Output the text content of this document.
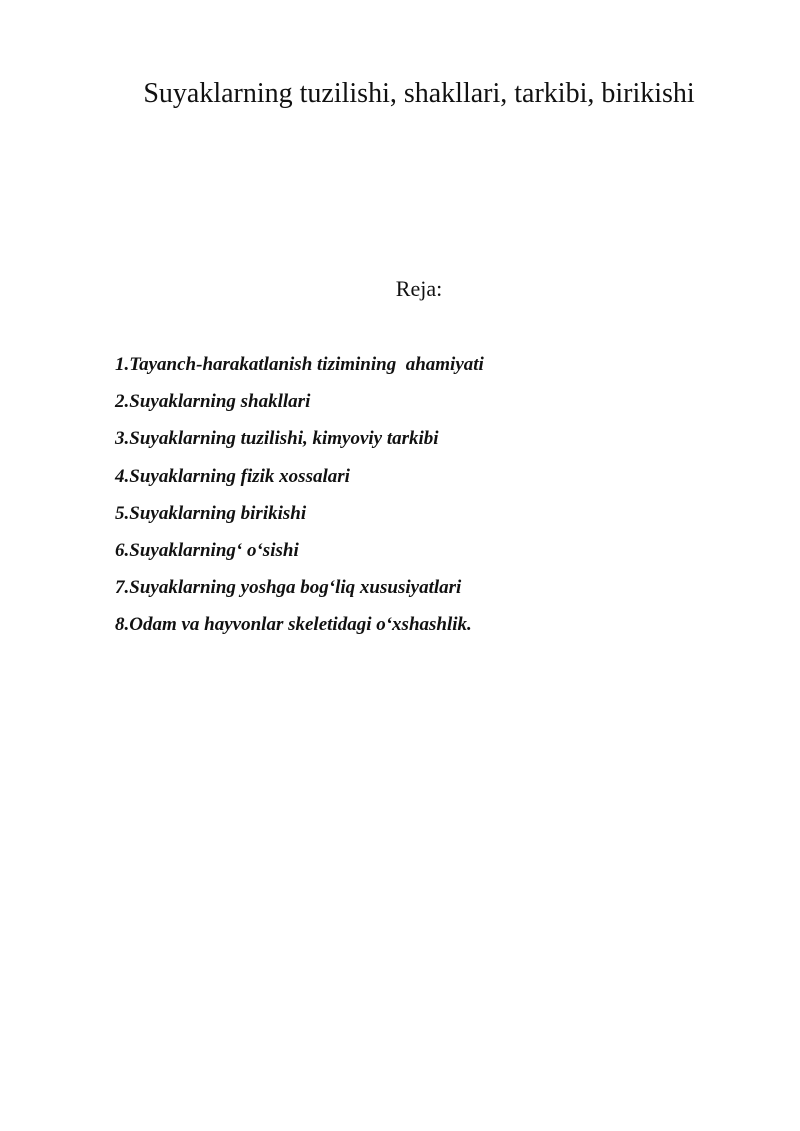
Suyaklarning tuzilishi, shakllari, tarkibi, birikishi
Reja:
1.Tayanch-harakatlanish tizimining  ahamiyati
2.Suyaklarning shakllari
3.Suyaklarning tuzilishi, kimyoviy tarkibi
4.Suyaklarning fizik xossalari
5.Suyaklarning birikishi
6.Suyaklarning‘ o‘sishi
7.Suyaklarning yoshga bog‘liq xususiyatlari
8.Odam va hayvonlar skeletidagi o‘xshashlik.
